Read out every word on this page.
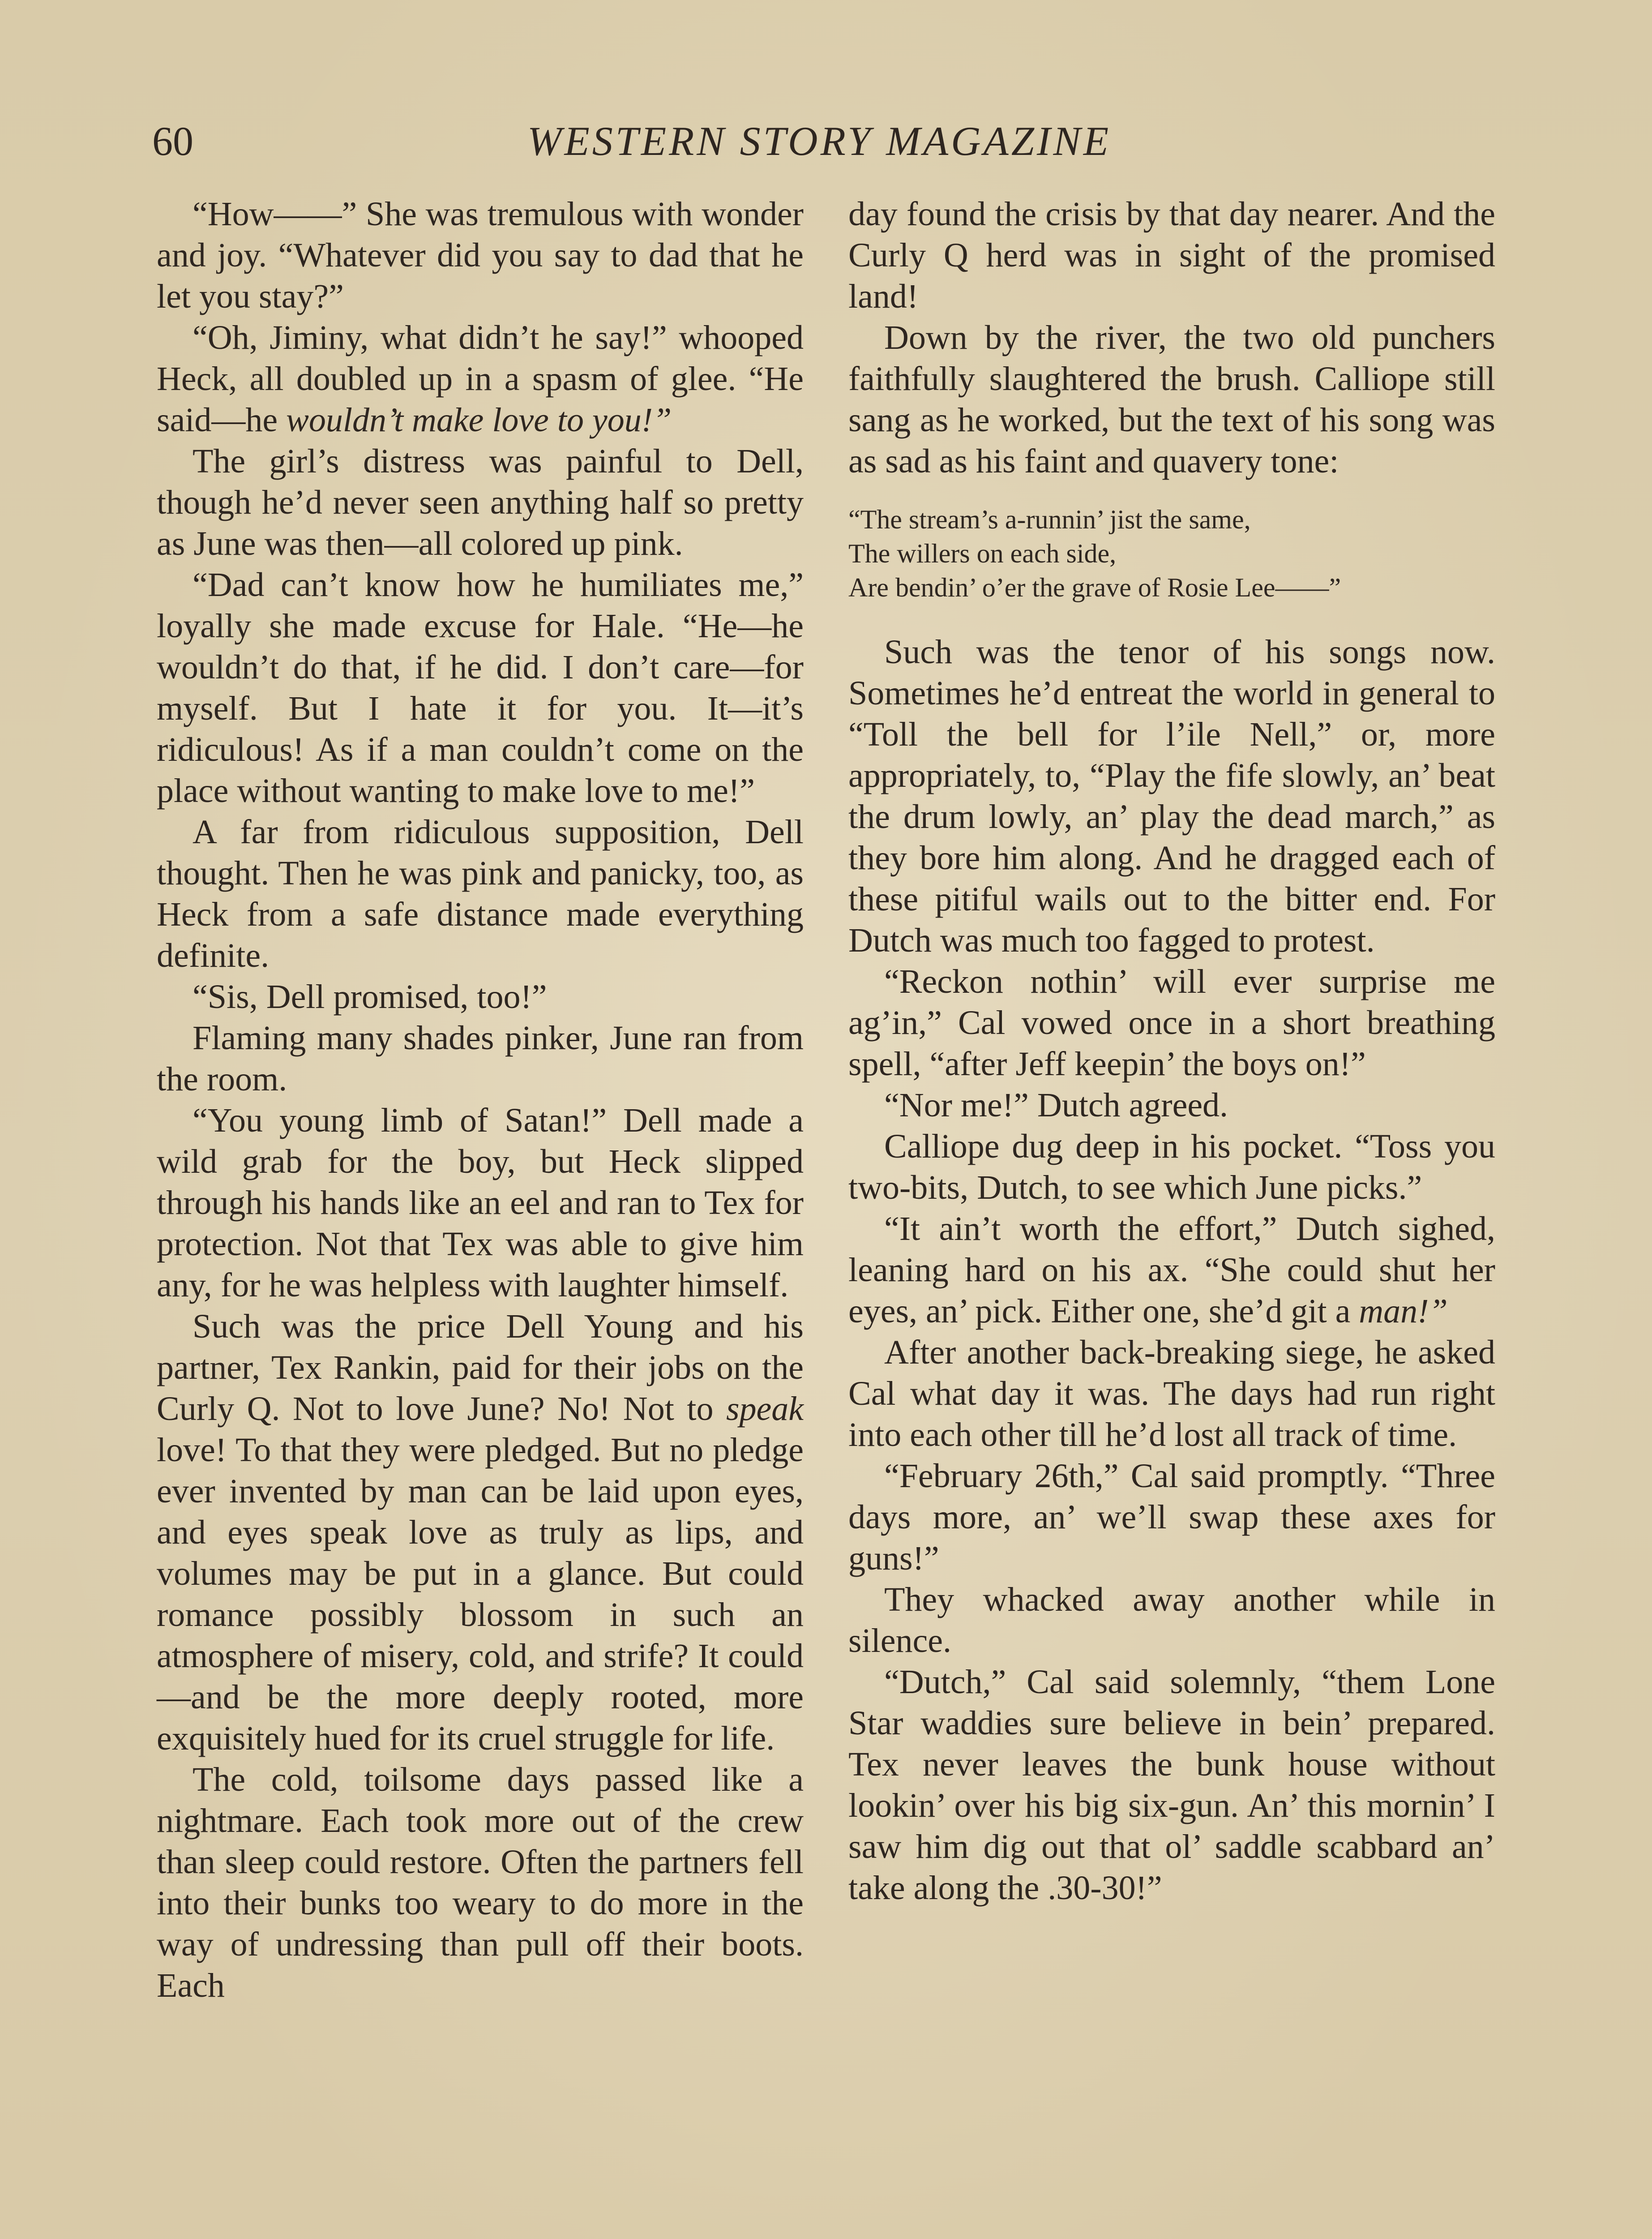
60	WESTERN STORY MAGAZINE

“How——” She was tremulous with wonder and joy. “Whatever did you say to dad that he let you stay?”

“Oh, Jiminy, what didn’t he say!” whooped Heck, all doubled up in a spasm of glee. “He said—he wouldn’t make love to you!”

The girl’s distress was painful to Dell, though he’d never seen anything half so pretty as June was then—all colored up pink.

“Dad can’t know how he humiliates me,” loyally she made excuse for Hale. “He—he wouldn’t do that, if he did. I don’t care—for myself. But I hate it for you. It—it’s ridiculous! As if a man couldn’t come on the place without wanting to make love to me!”

A far from ridiculous supposition, Dell thought. Then he was pink and panicky, too, as Heck from a safe distance made everything definite.

“Sis, Dell promised, too!”

Flaming many shades pinker, June ran from the room.

“You young limb of Satan!” Dell made a wild grab for the boy, but Heck slipped through his hands like an eel and ran to Tex for protection. Not that Tex was able to give him any, for he was helpless with laughter himself.

Such was the price Dell Young and his partner, Tex Rankin, paid for their jobs on the Curly Q. Not to love June? No! Not to speak love! To that they were pledged. But no pledge ever invented by man can be laid upon eyes, and eyes speak love as truly as lips, and volumes may be put in a glance. But could romance possibly blossom in such an atmosphere of misery, cold, and strife? It could—and be the more deeply rooted, more exquisitely hued for its cruel struggle for life.

The cold, toilsome days passed like a nightmare. Each took more out of the crew than sleep could restore. Often the partners fell into their bunks too weary to do more in the way of undressing than pull off their boots. Each

day found the crisis by that day nearer. And the Curly Q herd was in sight of the promised land!

Down by the river, the two old punchers faithfully slaughtered the brush. Calliope still sang as he worked, but the text of his song was as sad as his faint and quavery tone:

“The stream’s a-runnin’ jist the same,
The willers on each side,
Are bendin’ o’er the grave of Rosie Lee——”

Such was the tenor of his songs now. Sometimes he’d entreat the world in general to “Toll the bell for l’ile Nell,” or, more appropriately, to, “Play the fife slowly, an’ beat the drum lowly, an’ play the dead march,” as they bore him along. And he dragged each of these pitiful wails out to the bitter end. For Dutch was much too fagged to protest.

“Reckon nothin’ will ever surprise me ag’in,” Cal vowed once in a short breathing spell, “after Jeff keepin’ the boys on!”

“Nor me!” Dutch agreed.

Calliope dug deep in his pocket. “Toss you two-bits, Dutch, to see which June picks.”

“It ain’t worth the effort,” Dutch sighed, leaning hard on his ax. “She could shut her eyes, an’ pick. Either one, she’d git a man!”

After another back-breaking siege, he asked Cal what day it was. The days had run right into each other till he’d lost all track of time.

“February 26th,” Cal said promptly. “Three days more, an’ we’ll swap these axes for guns!”

They whacked away another while in silence.

“Dutch,” Cal said solemnly, “them Lone Star waddies sure believe in bein’ prepared. Tex never leaves the bunk house without lookin’ over his big six-gun. An’ this mornin’ I saw him dig out that ol’ saddle scabbard an’ take along the .30-30!”
